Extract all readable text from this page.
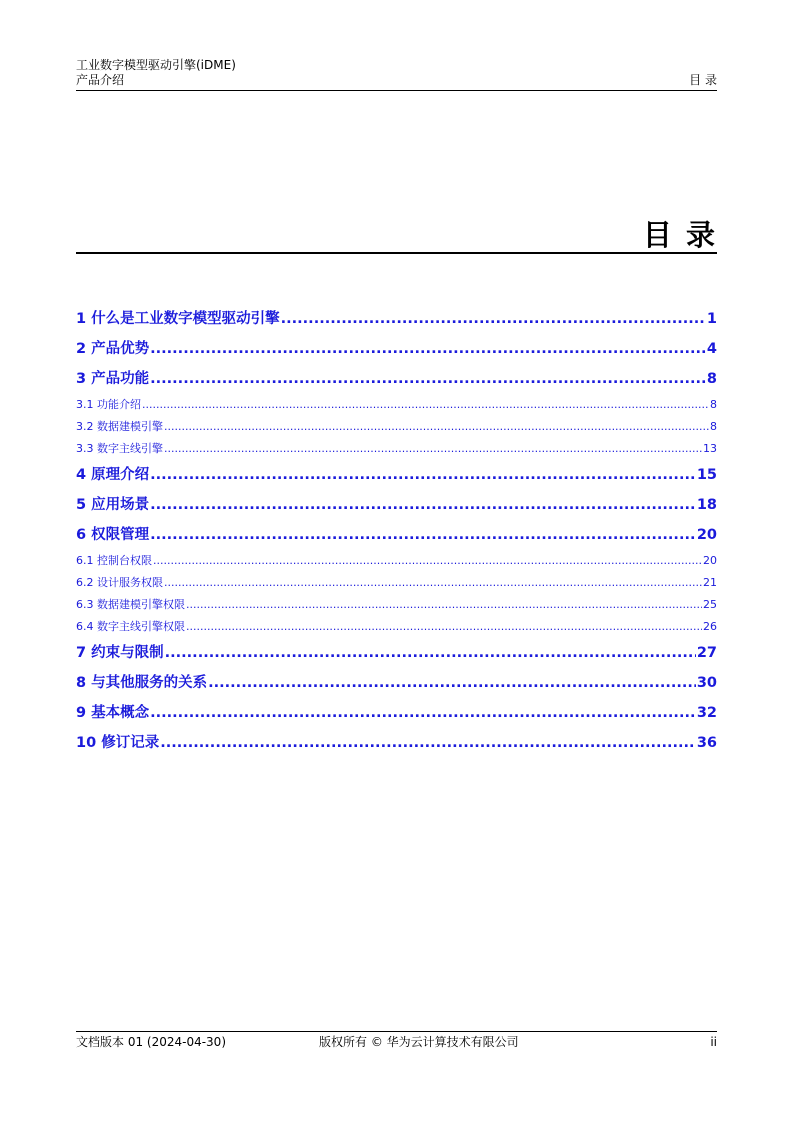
工业数字模型驱动引擎(iDME)
产品介绍	目 录
目 录
1 什么是工业数字模型驱动引擎 .....	1
2 产品优势 .....	4
3 产品功能 .....	8
3.1 功能介绍 .....	8
3.2 数据建模引擎 .....	8
3.3 数字主线引擎 .....	13
4 原理介绍 .....	15
5 应用场景 .....	18
6 权限管理 .....	20
6.1 控制台权限 .....	20
6.2 设计服务权限 .....	21
6.3 数据建模引擎权限 .....	25
6.4 数字主线引擎权限 .....	26
7 约束与限制 .....	27
8 与其他服务的关系 .....	30
9 基本概念 .....	32
10 修订记录 .....	36
文档版本 01 (2024-04-30)	版权所有 © 华为云计算技术有限公司	ii
